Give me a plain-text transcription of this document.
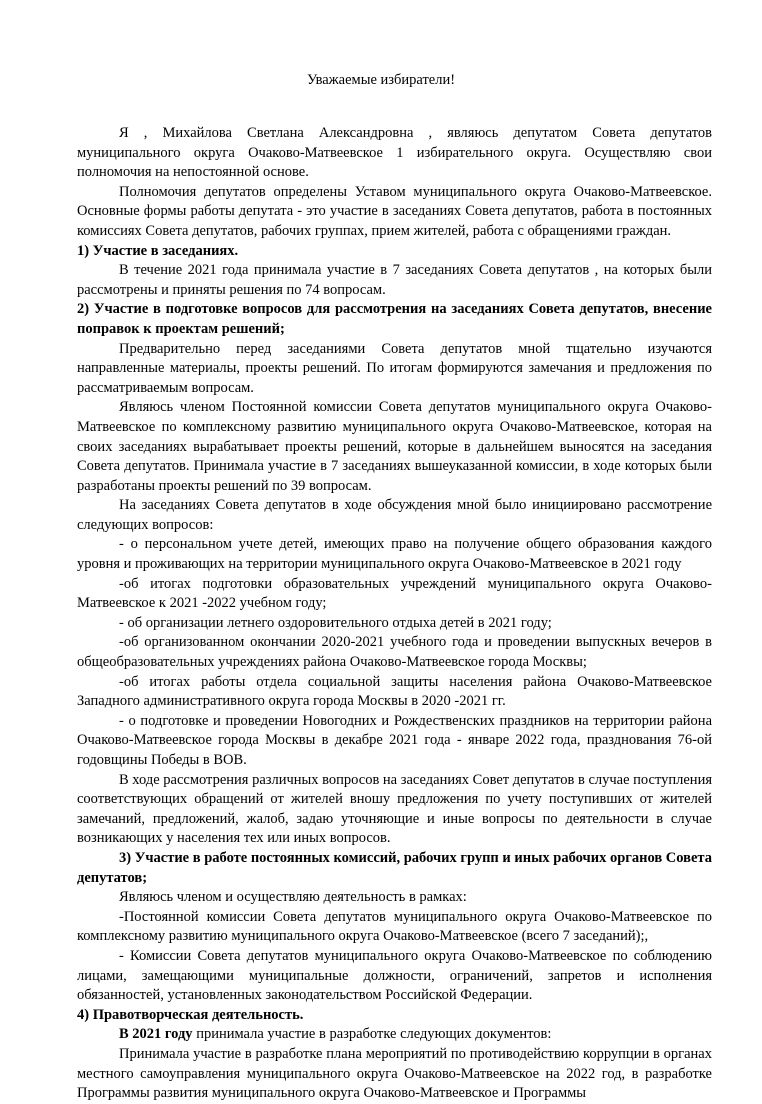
Уважаемые избиратели!

Я , Михайлова Светлана Александровна , являюсь депутатом Совета депутатов муниципального округа Очаково-Матвеевское 1 избирательного округа. Осуществляю свои полномочия на непостоянной основе.

Полномочия депутатов определены Уставом муниципального округа Очаково-Матвеевское. Основные формы работы депутата - это участие в заседаниях Совета депутатов, работа в постоянных комиссиях Совета депутатов, рабочих группах, прием жителей, работа с обращениями граждан.

1) Участие в заседаниях.

В течение 2021 года принимала участие в 7 заседаниях Совета депутатов , на которых были рассмотрены и приняты решения по 74 вопросам.

2) Участие в подготовке вопросов для рассмотрения на заседаниях Совета депутатов, внесение поправок к проектам решений;

Предварительно перед заседаниями Совета депутатов мной тщательно изучаются направленные материалы, проекты решений. По итогам формируются замечания и предложения по рассматриваемым вопросам.

Являюсь членом Постоянной комиссии Совета депутатов муниципального округа Очаково-Матвеевское по комплексному развитию муниципального округа Очаково-Матвеевское, которая на своих заседаниях вырабатывает проекты решений, которые в дальнейшем выносятся на заседания Совета депутатов. Принимала участие в 7 заседаниях вышеуказанной комиссии, в ходе которых были разработаны проекты решений по 39 вопросам.

На заседаниях Совета депутатов в ходе обсуждения мной было инициировано рассмотрение следующих вопросов:

- о персональном учете детей, имеющих право на получение общего образования каждого уровня и проживающих на территории муниципального округа Очаково-Матвеевское в 2021 году

-об итогах подготовки образовательных учреждений муниципального округа Очаково-Матвеевское к 2021 -2022 учебном году;

- об организации летнего оздоровительного отдыха детей в 2021 году;

-об организованном окончании 2020-2021 учебного года и проведении выпускных вечеров в общеобразовательных учреждениях района Очаково-Матвеевское города Москвы;

-об итогах работы отдела социальной защиты населения района Очаково-Матвеевское Западного административного округа города Москвы в 2020 -2021 гг.

- о подготовке и проведении Новогодних и Рождественских праздников на территории района Очаково-Матвеевское города Москвы в декабре 2021 года - январе 2022 года, празднования 76-ой годовщины Победы в ВОВ.

В ходе рассмотрения различных вопросов на заседаниях Совет депутатов в случае поступления соответствующих обращений от жителей вношу предложения по учету поступивших от жителей замечаний, предложений, жалоб, задаю уточняющие и иные вопросы по деятельности в случае возникающих у населения тех или иных вопросов.

3) Участие в работе постоянных комиссий, рабочих групп и иных рабочих органов Совета депутатов;

Являюсь членом и осуществляю деятельность в рамках:

-Постоянной комиссии Совета депутатов муниципального округа Очаково-Матвеевское по комплексному развитию муниципального округа Очаково-Матвеевское (всего 7 заседаний);,

- Комиссии Совета депутатов муниципального округа Очаково-Матвеевское по соблюдению лицами, замещающими муниципальные должности, ограничений, запретов и исполнения обязанностей, установленных законодательством Российской Федерации.

4) Правотворческая деятельность.

В 2021 году принимала участие в разработке следующих документов:

Принимала участие в разработке плана мероприятий по противодействию коррупции в органах местного самоуправления муниципального округа Очаково-Матвеевское на 2022 год, в разработке Программы развития муниципального округа Очаково-Матвеевское и Программы
